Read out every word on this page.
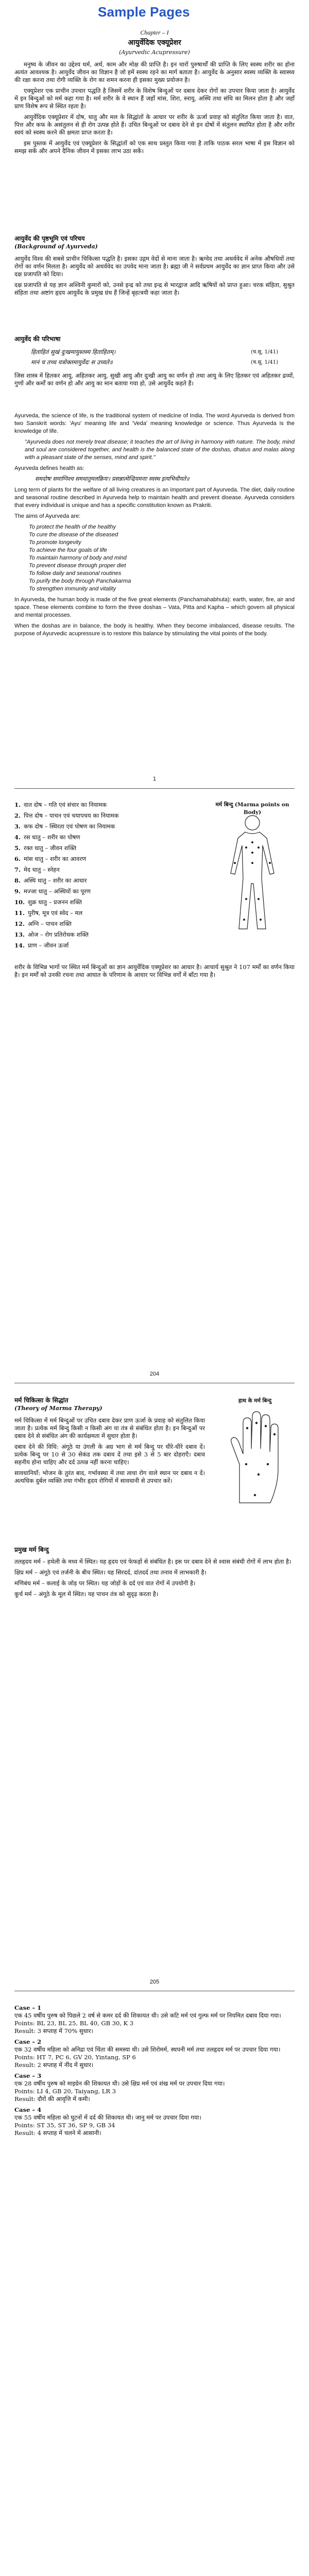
Sample Pages
Chapter – I
आयुर्वेदिक एक्यूप्रेशर
(Ayurvedic Acupressure)

मनुष्य के जीवन का उद्देश्य धर्म, अर्थ, काम और मोक्ष की प्राप्ति है। इन चारों पुरुषार्थों की प्राप्ति के लिए स्वस्थ शरीर का होना अत्यंत आवश्यक है। आयुर्वेद जीवन का विज्ञान है जो हमें स्वस्थ रहने का मार्ग बताता है। आयुर्वेद के अनुसार स्वस्थ व्यक्ति के स्वास्थ्य की रक्षा करना तथा रोगी व्यक्ति के रोग का शमन करना ही इसका मुख्य प्रयोजन है।

एक्यूप्रेशर एक प्राचीन उपचार पद्धति है जिसमें शरीर के विशेष बिन्दुओं पर दबाव देकर रोगों का उपचार किया जाता है। आयुर्वेद में इन बिन्दुओं को मर्म कहा गया है। मर्म शरीर के वे स्थान हैं जहाँ मांस, शिरा, स्नायु, अस्थि तथा संधि का मिलन होता है और जहाँ प्राण विशेष रूप से स्थित रहता है।

आयुर्वेदिक एक्यूप्रेशर में दोष, धातु और मल के सिद्धांतों के आधार पर शरीर के ऊर्जा प्रवाह को संतुलित किया जाता है। वात, पित्त और कफ के असंतुलन से ही रोग उत्पन्न होते हैं। उचित बिन्दुओं पर दबाव देने से इन दोषों में संतुलन स्थापित होता है और शरीर स्वयं को स्वस्थ करने की क्षमता प्राप्त करता है।

इस पुस्तक में आयुर्वेद एवं एक्यूप्रेशर के सिद्धांतों को एक साथ प्रस्तुत किया गया है ताकि पाठक सरल भाषा में इस विज्ञान को समझ सकें और अपने दैनिक जीवन में इसका लाभ उठा सकें।

आयुर्वेद की पृष्ठभूमि एवं परिचय
(Background of Ayurveda)

आयुर्वेद विश्व की सबसे प्राचीन चिकित्सा पद्धति है। इसका उद्गम वेदों से माना जाता है। ऋग्वेद तथा अथर्ववेद में अनेक औषधियों तथा रोगों का वर्णन मिलता है। आयुर्वेद को अथर्ववेद का उपवेद माना जाता है। ब्रह्मा जी ने सर्वप्रथम आयुर्वेद का ज्ञान प्राप्त किया और उसे दक्ष प्रजापति को दिया।

दक्ष प्रजापति से यह ज्ञान अश्विनी कुमारों को, उनसे इन्द्र को तथा इन्द्र से भारद्वाज आदि ऋषियों को प्राप्त हुआ। चरक संहिता, सुश्रुत संहिता तथा अष्टांग हृदय आयुर्वेद के प्रमुख ग्रंथ हैं जिन्हें बृहत्त्रयी कहा जाता है।

आयुर्वेद की परिभाषा
हिताहितं सुखं दुःखमायुस्तस्य हिताहितम्।	(च.सू. 1/41)
मानं च तच्च यत्रोक्तमायुर्वेदः स उच्यते॥	(च.सू. 1/41)

जिस शास्त्र में हितकर आयु, अहितकर आयु, सुखी आयु और दुःखी आयु का वर्णन हो तथा आयु के लिए हितकर एवं अहितकर द्रव्यों, गुणों और कर्मों का वर्णन हो और आयु का मान बताया गया हो, उसे आयुर्वेद कहते हैं।

Ayurveda, the science of life, is the traditional system of medicine of India. The word Ayurveda is derived from two Sanskrit words: 'Ayu' meaning life and 'Veda' meaning knowledge or science. Thus Ayurveda is the knowledge of life.

"Ayurveda does not merely treat disease; it teaches the art of living in harmony with nature. The body, mind and soul are considered together, and health is the balanced state of the doshas, dhatus and malas along with a pleasant state of the senses, mind and spirit."

Ayurveda defines health as:

समदोषः समाग्निश्च समधातुमलक्रियः। प्रसन्नात्मेन्द्रियमनाः स्वस्थ इत्यभिधीयते॥

Long term of plants for the welfare of all living creatures is an important part of Ayurveda. The diet, daily routine and seasonal routine described in Ayurveda help to maintain health and prevent disease. Ayurveda considers that every individual is unique and has a specific constitution known as Prakriti.

The aims of Ayurveda are:

To protect the health of the healthy
To cure the disease of the diseased
To promote longevity
To achieve the four goals of life
To maintain harmony of body and mind
To prevent disease through proper diet
To follow daily and seasonal routines
To purify the body through Panchakarma
To strengthen immunity and vitality

In Ayurveda, the human body is made of the five great elements (Panchamahabhuta): earth, water, fire, air and space. These elements combine to form the three doshas – Vata, Pitta and Kapha – which govern all physical and mental processes.

When the doshas are in balance, the body is healthy. When they become imbalanced, disease results. The purpose of Ayurvedic acupressure is to restore this balance by stimulating the vital points of the body.

1
1. वात दोष – गति एवं संचार का नियामक
2. पित्त दोष – पाचन एवं चयापचय का नियामक
3. कफ दोष – स्थिरता एवं पोषण का नियामक
4. रस धातु – शरीर का पोषण
5. रक्त धातु – जीवन शक्ति
6. मांस धातु – शरीर का आवरण
7. मेद धातु – स्नेहन
8. अस्थि धातु – शरीर का आधार
9. मज्जा धातु – अस्थियों का पूरण
10. शुक्र धातु – प्रजनन शक्ति
11. पुरीष, मूत्र एवं स्वेद – मल
12. अग्नि – पाचन शक्ति
13. ओज – रोग प्रतिरोधक शक्ति
14. प्राण – जीवन ऊर्जा
मर्म बिन्दु (Marma points on Body)

शरीर के विभिन्न भागों पर स्थित मर्म बिन्दुओं का ज्ञान आयुर्वेदिक एक्यूप्रेशर का आधार है। आचार्य सुश्रुत ने 107 मर्मों का वर्णन किया है। इन मर्मों को उनकी रचना तथा आघात के परिणाम के आधार पर विभिन्न वर्गों में बाँटा गया है।

204
मर्म चिकित्सा के सिद्धांत
(Theory of Marma Therapy)

मर्म चिकित्सा में मर्म बिन्दुओं पर उचित दबाव देकर प्राण ऊर्जा के प्रवाह को संतुलित किया जाता है। प्रत्येक मर्म बिन्दु किसी न किसी अंग या तंत्र से संबंधित होता है। इन बिन्दुओं पर दबाव देने से संबंधित अंग की कार्यक्षमता में सुधार होता है।

दबाव देने की विधि: अंगूठे या उंगली के अग्र भाग से मर्म बिन्दु पर धीरे-धीरे दबाव दें। प्रत्येक बिन्दु पर 10 से 30 सेकंड तक दबाव दें तथा इसे 3 से 5 बार दोहराएँ। दबाव सहनीय होना चाहिए और दर्द उत्पन्न नहीं करना चाहिए।

सावधानियाँ: भोजन के तुरंत बाद, गर्भावस्था में तथा त्वचा रोग वाले स्थान पर दबाव न दें। अत्यधिक दुर्बल व्यक्ति तथा गंभीर हृदय रोगियों में सावधानी से उपचार करें।

हाथ के मर्म बिन्दु
प्रमुख मर्म बिन्दु

तलहृदय मर्म – हथेली के मध्य में स्थित। यह हृदय एवं फेफड़ों से संबंधित है। इस पर दबाव देने से श्वास संबंधी रोगों में लाभ होता है।

क्षिप्र मर्म – अंगूठे एवं तर्जनी के बीच स्थित। यह सिरदर्द, दांतदर्द तथा तनाव में लाभकारी है।

मणिबंध मर्म – कलाई के जोड़ पर स्थित। यह जोड़ों के दर्द एवं वात रोगों में उपयोगी है।

कूर्च मर्म – अंगूठे के मूल में स्थित। यह पाचन तंत्र को सुदृढ़ करता है।

205

Case – 1
एक 45 वर्षीय पुरुष को पिछले 2 वर्ष से कमर दर्द की शिकायत थी। उसे कटि मर्म एवं गुल्फ मर्म पर नियमित दबाव दिया गया।
Points: BL 23, BL 25, BL 40, GB 30, K 3
Result: 3 सप्ताह में 70% सुधार।

Case – 2
एक 32 वर्षीय महिला को अनिद्रा एवं चिंता की समस्या थी। उसे शिरोमर्म, स्थपनी मर्म तथा तलहृदय मर्म पर उपचार दिया गया।
Points: HT 7, PC 6, GV 20, Yintang, SP 6
Result: 2 सप्ताह में नींद में सुधार।

Case – 3
एक 28 वर्षीय पुरुष को माइग्रेन की शिकायत थी। उसे क्षिप्र मर्म एवं शंख मर्म पर उपचार दिया गया।
Points: LI 4, GB 20, Taiyang, LR 3
Result: दौरों की आवृत्ति में कमी।

Case – 4
एक 55 वर्षीय महिला को घुटनों में दर्द की शिकायत थी। जानु मर्म पर उपचार दिया गया।
Points: ST 35, ST 36, SP 9, GB 34
Result: 4 सप्ताह में चलने में आसानी।
